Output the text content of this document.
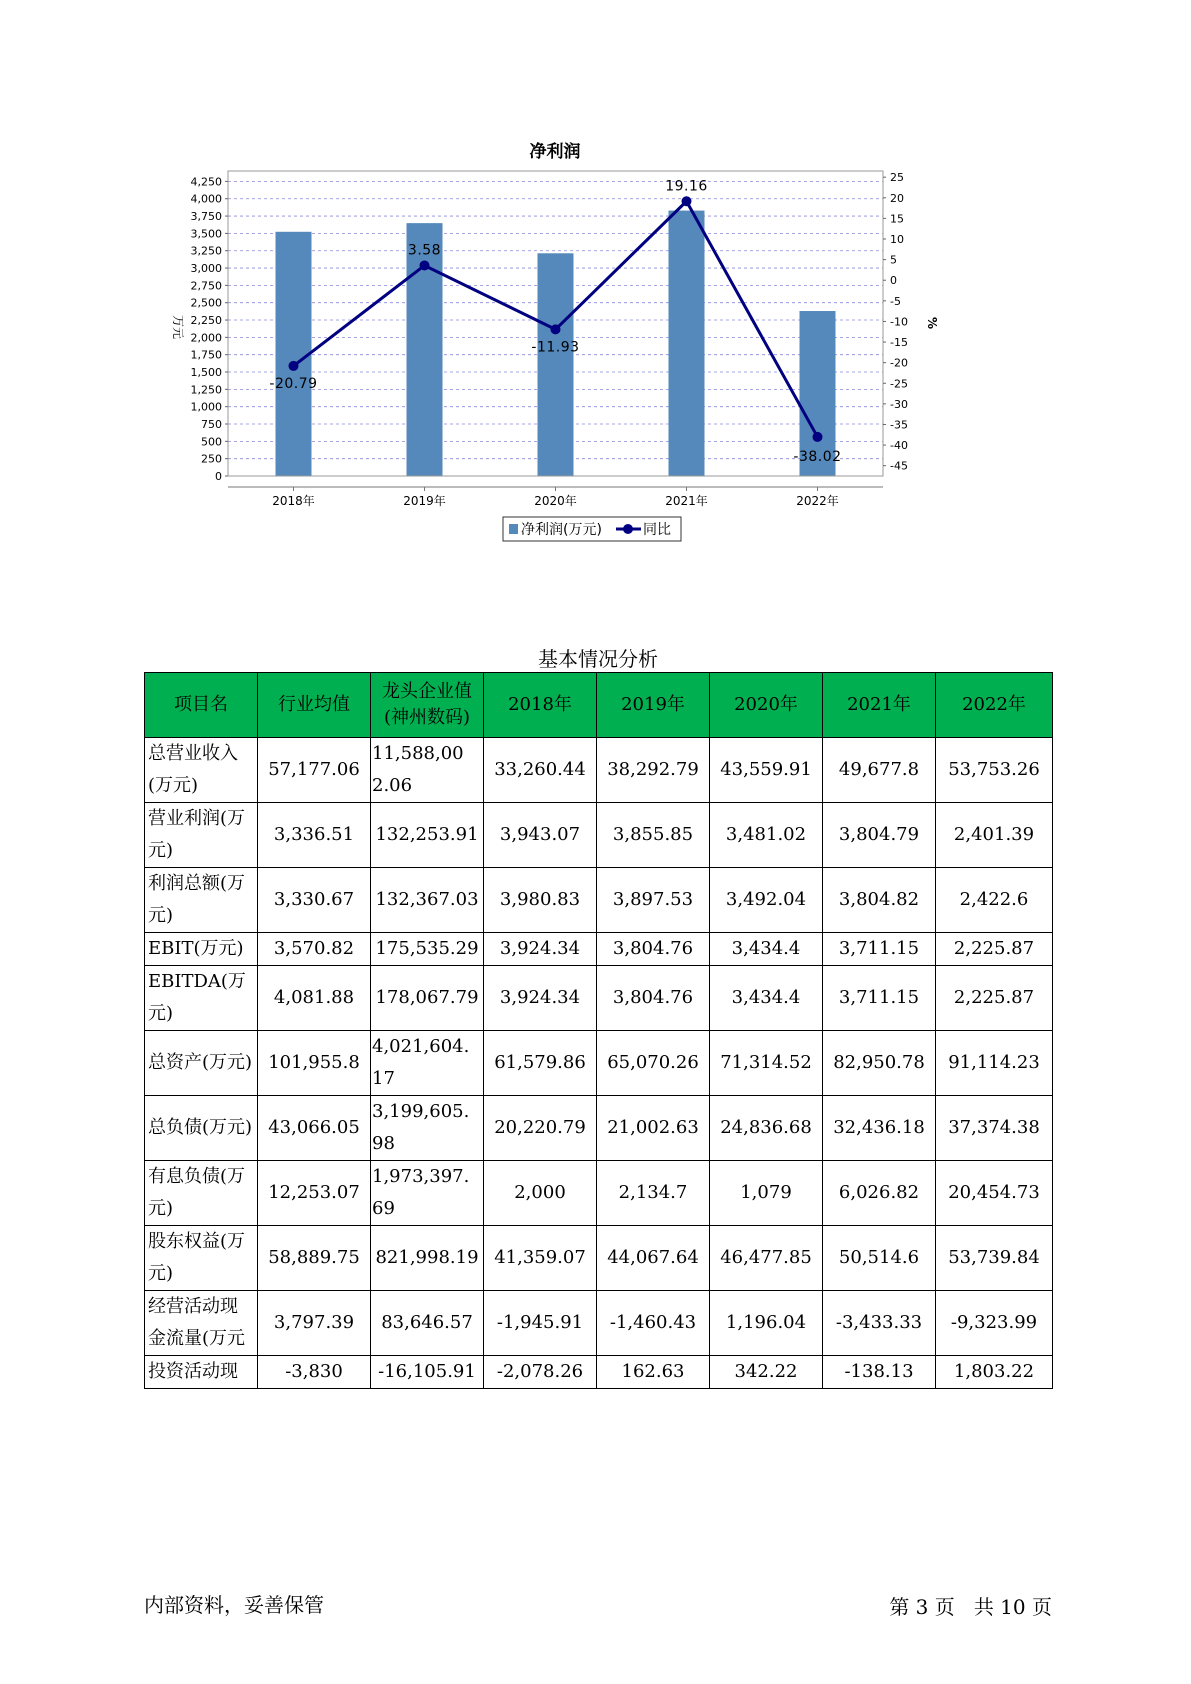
净利润
0
250
500
750
1,000
1,250
1,500
1,750
2,000
2,250
2,500
2,750
3,000
3,250
3,500
3,750
4,000
4,250
-45
-40
-35
-30
-25
-20
-15
-10
-5
0
5
10
15
20
25
2018年	2019年	2020年	2021年	2022年
-20.79
3.58
-11.93
19.16
-38.02
万元	%
净利润(万元)	同比
基本情况分析
项目名	行业均值	龙头企业值(神州数码)	2018年	2019年	2020年	2021年	2022年
总营业收入(万元)	57,177.06	11,588,002.06	33,260.44	38,292.79	43,559.91	49,677.8	53,753.26
营业利润(万元)	3,336.51	132,253.91	3,943.07	3,855.85	3,481.02	3,804.79	2,401.39
利润总额(万元)	3,330.67	132,367.03	3,980.83	3,897.53	3,492.04	3,804.82	2,422.6
EBIT(万元)	3,570.82	175,535.29	3,924.34	3,804.76	3,434.4	3,711.15	2,225.87
EBITDA(万元)	4,081.88	178,067.79	3,924.34	3,804.76	3,434.4	3,711.15	2,225.87
总资产(万元)	101,955.8	4,021,604.17	61,579.86	65,070.26	71,314.52	82,950.78	91,114.23
总负债(万元)	43,066.05	3,199,605.98	20,220.79	21,002.63	24,836.68	32,436.18	37,374.38
有息负债(万元)	12,253.07	1,973,397.69	2,000	2,134.7	1,079	6,026.82	20,454.73
股东权益(万元)	58,889.75	821,998.19	41,359.07	44,067.64	46,477.85	50,514.6	53,739.84
经营活动现金流量(万元	3,797.39	83,646.57	-1,945.91	-1,460.43	1,196.04	-3,433.33	-9,323.99
投资活动现	-3,830	-16,105.91	-2,078.26	162.63	342.22	-138.13	1,803.22
内部资料，妥善保管	第 3 页   共 10 页
